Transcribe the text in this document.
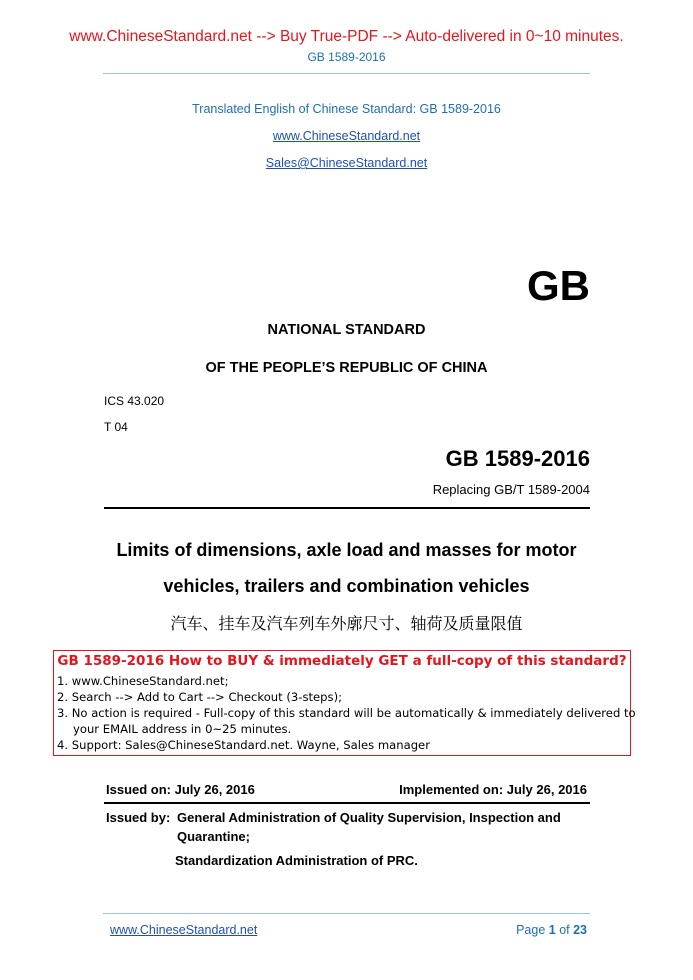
www.ChineseStandard.net --> Buy True-PDF --> Auto-delivered in 0~10 minutes.
GB 1589-2016
Translated English of Chinese Standard: GB 1589-2016
www.ChineseStandard.net
Sales@ChineseStandard.net
GB
NATIONAL STANDARD
OF THE PEOPLE’S REPUBLIC OF CHINA
ICS 43.020
T 04
GB 1589-2016
Replacing GB/T 1589-2004
Limits of dimensions, axle load and masses for motor
vehicles, trailers and combination vehicles
汽车、挂车及汽车列车外廓尺寸、轴荷及质量限值
GB 1589-2016 How to BUY & immediately GET a full-copy of this standard?
1. www.ChineseStandard.net;
2. Search --> Add to Cart --> Checkout (3-steps);
3. No action is required - Full-copy of this standard will be automatically & immediately delivered to
your EMAIL address in 0~25 minutes.
4. Support: Sales@ChineseStandard.net. Wayne, Sales manager
Issued on: July 26, 2016	Implemented on: July 26, 2016
Issued by: General Administration of Quality Supervision, Inspection and
Quarantine;
Standardization Administration of PRC.
www.ChineseStandard.net	Page 1 of 23
